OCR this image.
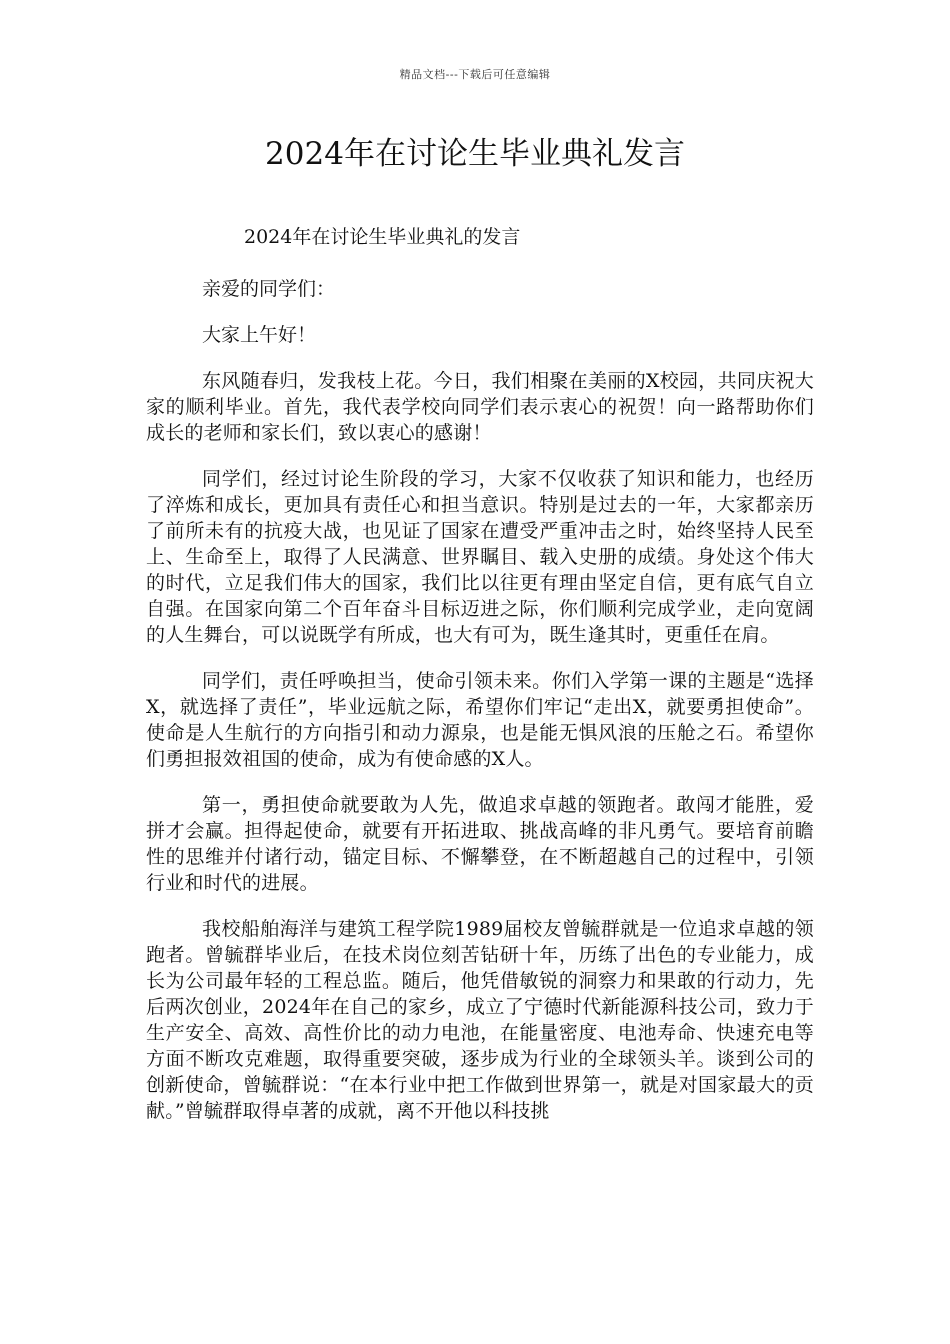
精品文档---下载后可任意编辑
2024年在讨论生毕业典礼发言

2024年在讨论生毕业典礼的发言

亲爱的同学们：

大家上午好！

东风随春归，发我枝上花。今日，我们相聚在美丽的X校园，共同庆祝大家的顺利毕业。首先，我代表学校向同学们表示衷心的祝贺！向一路帮助你们成长的老师和家长们，致以衷心的感谢！

同学们，经过讨论生阶段的学习，大家不仅收获了知识和能力，也经历了淬炼和成长，更加具有责任心和担当意识。特别是过去的一年，大家都亲历了前所未有的抗疫大战，也见证了国家在遭受严重冲击之时，始终坚持人民至上、生命至上，取得了人民满意、世界瞩目、载入史册的成绩。身处这个伟大的时代，立足我们伟大的国家，我们比以往更有理由坚定自信，更有底气自立自强。在国家向第二个百年奋斗目标迈进之际，你们顺利完成学业，走向宽阔的人生舞台，可以说既学有所成，也大有可为，既生逢其时，更重任在肩。

同学们，责任呼唤担当，使命引领未来。你们入学第一课的主题是“选择X，就选择了责任”，毕业远航之际，希望你们牢记“走出X，就要勇担使命”。使命是人生航行的方向指引和动力源泉，也是能无惧风浪的压舱之石。希望你们勇担报效祖国的使命，成为有使命感的X人。

第一，勇担使命就要敢为人先，做追求卓越的领跑者。敢闯才能胜，爱拼才会赢。担得起使命，就要有开拓进取、挑战高峰的非凡勇气。要培育前瞻性的思维并付诸行动，锚定目标、不懈攀登，在不断超越自己的过程中，引领行业和时代的进展。

我校船舶海洋与建筑工程学院1989届校友曾毓群就是一位追求卓越的领跑者。曾毓群毕业后，在技术岗位刻苦钻研十年，历练了出色的专业能力，成长为公司最年轻的工程总监。随后，他凭借敏锐的洞察力和果敢的行动力，先后两次创业，2024年在自己的家乡，成立了宁德时代新能源科技公司，致力于生产安全、高效、高性价比的动力电池，在能量密度、电池寿命、快速充电等方面不断攻克难题，取得重要突破，逐步成为行业的全球领头羊。谈到公司的创新使命，曾毓群说：“在本行业中把工作做到世界第一，就是对国家最大的贡献。”曾毓群取得卓著的成就，离不开他以科技挑
